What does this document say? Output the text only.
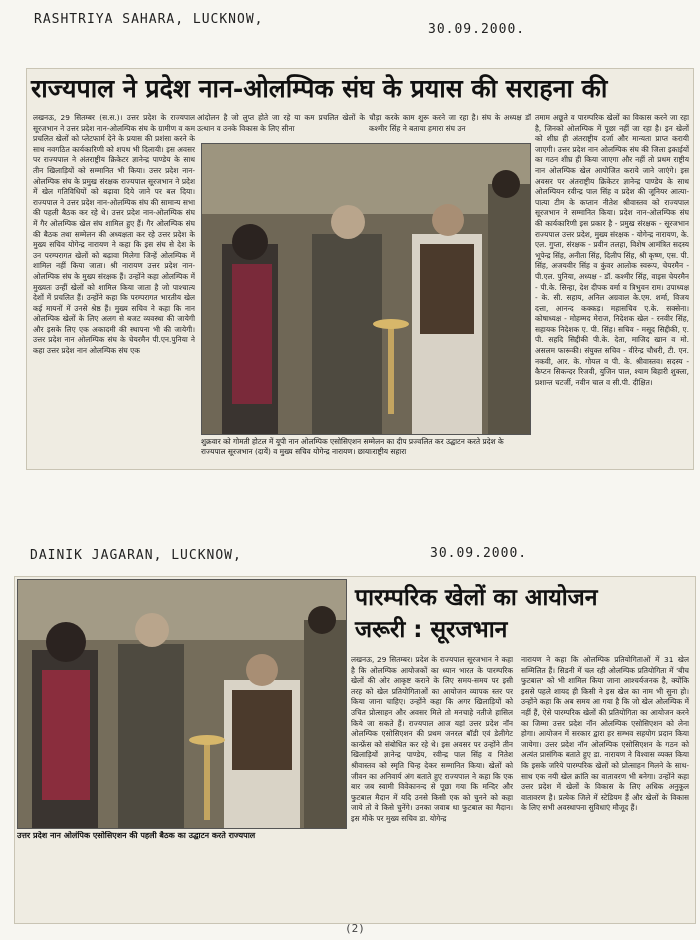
RASHTRIYA SAHARA, LUCKNOW,
30.09.2000.
राज्यपाल ने प्रदेश नान-ओलम्पिक संघ के प्रयास की सराहना की
लखनऊ, 29 सितम्बर (स.स.)। उत्तर प्रदेश के राज्यपाल सूरजभान ने उत्तर प्रदेश नान-ओलम्पिक संघ के ग्रामीण व कम प्रचलित खेलों को प्लेटफार्म देने के प्रयास की प्रशंसा करने के साथ नवगठित कार्यकारिणी को शपथ भी दिलायी। इस अवसर पर राज्यपाल ने अंतराष्ट्रीय क्रिकेटर ज्ञानेन्द्र पाण्डेय के साथ तीन खिलाड़ियों को सम्मानित भी किया। उत्तर प्रदेश नान-ओलम्पिक संघ के प्रमुख संरक्षक राज्यपाल सूरजभान ने प्रदेश में खेल गतिविधियों को बढ़ावा दिये जाने पर बल दिया। राज्यपाल ने उत्तर प्रदेश नान-ओलम्पिक संघ की सामान्य सभा की पहली बैठक कर रहे थे। उत्तर प्रदेश नान-ओलम्पिक संघ में गैर ओलम्पिक खेल संघ शामिल हुए हैं। गैर ओलम्पिक संघ की बैठक तथा सम्मेलन की अध्यक्षता कर रहे उत्तर प्रदेश के मुख्य सचिव योगेन्द्र नारायण ने कहा कि इस संघ से देश के उन परम्परागत खेलों को बढ़ावा मिलेगा जिन्हें ओलम्पिक में शामिल नहीं किया जाता। श्री नारायण उत्तर प्रदेश नान-ओलम्पिक संघ के मुख्य संरक्षक हैं। उन्होंने कहा ओलम्पिक में मुख्यतः उन्हीं खेलों को शामिल किया जाता है जो पाश्चात्य देशों में प्रचलित हैं। उन्होंने कहा कि परम्परागत भारतीय खेल कई मायनों में उनसे श्रेष्ठ हैं। मुख्य सचिव ने कहा कि नान ओलम्पिक खेलों के लिए अलग से बजट व्यवस्था की जायेगी और इसके लिए एक अकादमी की स्थापना भी की जायेगी। उत्तर प्रदेश नान ओलम्पिक संघ के चेयरमैन पी.एन.पुनिया ने कहा उत्तर प्रदेश नान ओलम्पिक संघ एक
आंदोलन है जो लुप्त होते जा रहे या कम प्रचलित खेलों के उत्थान व उनके विकास के लिए सीना
चौड़ा करके काम शुरू करने जा रहा है। संघ के अध्यक्ष डॉ कश्मीर सिंह ने बताया हमारा संघ उन
शुक्रवार को गोमती होटल में यूपी नान ओलम्पिक एसोसिएशन सम्मेलन का दीप प्रज्वलित कर उद्घाटन करते प्रदेश के राज्यपाल सूरजभान (दायें) व मुख्य सचिव योगेन्द्र नारायण। छायाःराष्ट्रीय सहारा
तमाम अछूते व पारम्परिक खेलों का विकास करने जा रहा है, जिनको ओलम्पिक में पूछा नहीं जा रहा है। इन खेलों को शीघ्र ही अंतराष्ट्रीय दर्जा और मान्यता प्राप्त करायी जाएगी। उत्तर प्रदेश नान ओलम्पिक संघ की जिला इकाईयों का गठन शीघ्र ही किया जाएगा और नहीं तो प्रथम राष्ट्रीय नान ओलम्पिक खेल आयोजित कराये जाने जाएंगे। इस अवसर पर अंतराष्ट्रीय क्रिकेटर ज्ञानेन्द्र पाण्डेय के साथ ओलम्पियन रवीन्द्र पाल सिंह व प्रदेश की जूनियर आत्या-पात्या टीम के कप्तान नीतेश श्रीवास्तव को राज्यपाल सूरजभान ने सम्मानित किया। प्रदेश नान-ओलम्पिक संघ की कार्यकारिणी इस प्रकार है - प्रमुख संरक्षक - सूरजभान राज्यपाल उत्तर प्रदेश, मुख्य संरक्षक - योगेन्द्र नारायण, के. एल. गुप्ता, संरक्षक - प्रवीन तलहा, विशेष आमंत्रित सदस्य भूपेन्द्र सिंह, अनीता सिंह, दिलीप सिंह, श्री कृष्ण, एस. पी. सिंह, अजयवीर सिंह व कुंवर आलोक स्वरूप, चेयरमैन - पी.एल. पुनिया, अध्यक्ष - डॉ. कश्मीर सिंह, वाइस चेयरमैन - पी.के. सिन्हा, देश दीपक वर्मा व त्रिभुवन राम। उपाध्यक्ष - के. सी. सहाय, अनिल अग्रवाल के.एम. शर्मा, विजय दत्ता, आनन्द कक्कड़। महासचिव ए.के. सक्सेना। कोषाध्यक्ष - मोहम्मद मेराज, निदेशक खेल - रनवीर सिंह, सहायक निदेशक ए. पी. सिंह। सचिव - मसूद सिद्दीकी, ए. पी. सहदि सिद्दीकी पी.के. देता, माजिद खान व मो. असलम फारूकी। संयुक्त सचिव - वीरेन्द्र चौधरी, टी. एन. नकवी, आर. के. गोयल व पी. के. श्रीवास्तव। सदस्य - कैप्टन सिकन्दर रिजवी, युजिन पाल, श्याम बिहारी शुक्ला, प्रशान्त चटर्जी, नवीन चाल व सी.पी. दीक्षित।
DAINIK JAGARAN, LUCKNOW,	30.09.2000.
उत्तर प्रदेश नान ओलंपिक एसोसिएशन की पहली बैठक का उद्घाटन करते राज्यपाल
पारम्परिक खेलों का आयोजन
जरूरी : सूरजभान
लखनऊ, 29 सितम्बर। प्रदेश के राज्यपाल सूरजभान ने कहा है कि ओलम्पिक आयोजकों का ध्यान भारत के पारम्परिक खेलों की ओर आकृष्ट कराने के लिए समय-समय पर इसी तरह को खेल प्रतियोगिताओं का आयोजन व्यापक स्तर पर किया जाना चाहिए। उन्होंने कहा कि अगर खिलाड़ियों को उचित प्रोत्साहन और अवसर मिले तो मनचाहे नतीजे हासिल किये जा सकते हैं। राज्यपाल आज यहां उत्तर प्रदेश नॉन ओलम्पिक एसोसिएशन की प्रथम जनरल बॉडी एवं डेलीगेट कान्फ्रेंस को संबोधित कर रहे थे। इस अवसर पर उन्होंने तीन खिलाड़ियों ज्ञानेन्द्र पाण्डेय, रवीन्द्र पाल सिंह व नितेश श्रीवास्तव को स्मृति चिन्ह देकर सम्मानित किया। खेलों को जीवन का अनिवार्य अंग बताते हुए राज्यपाल ने कहा कि एक बार जब स्वामी विवेकानन्द से पूछा गया कि मन्दिर और फुटबाल मैदान में यदि उनसे किसी एक को चुनने को कहा जाये तो वे किसे चुनेंगे। उनका जवाब था फुटबाल का मैदान। इस मौके पर मुख्य सचिव डा. योगेन्द्र
नारायण ने कहा कि ओलम्पिक प्रतियोगिताओं में 31 खेल सम्मिलित हैं। सिडनी में चल रही ओलम्पिक प्रतियोगिता में 'बीच फुटबाल' को भी शामिल किया जाना आश्चर्यजनक है, क्योंकि इससे पहले शायद ही किसी ने इस खेल का नाम भी सुना हो। उन्होंने कहा कि अब समय आ गया है कि जो खेल ओलम्पिक में नहीं हैं, ऐसे पारम्परिक खेलों की प्रतियोगिता का आयोजन करने का जिम्मा उत्तर प्रदेश नॉन ओलम्पिक एसोसिएशन को लेना होगा। आयोजन में सरकार द्वारा हर सम्भव सहयोग प्रदान किया जायेगा। उत्तर प्रदेश नॉन ओलम्पिक एसोसिएशन के गठन को अत्यंत प्रासंगिक बताते हुए डा. नारायण ने विश्वास व्यक्त किया कि इसके जरिये पारम्परिक खेलों को प्रोत्साहन मिलने के साथ-साथ एक नयी खेल क्रांति का वातावरण भी बनेगा। उन्होंने कहा उत्तर प्रदेश में खेलों के विकास के लिए अधिक अनुकूल वातावरण है। प्रत्येक जिले में स्टेडियम हैं और खेलों के विकास के लिए सभी अवस्थापना सुविधाएं मौजूद हैं।
(2)
